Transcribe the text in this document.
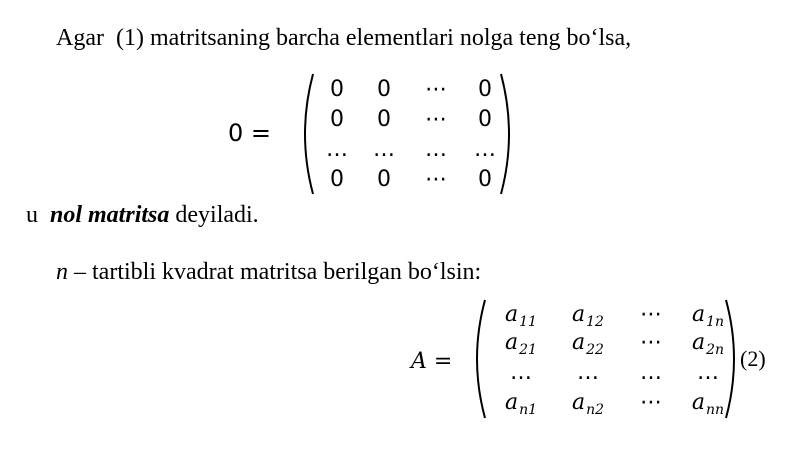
Agar  (1) matritsaning barcha elementlari nolga teng bo‘lsa,
0 =
0	0	⋯	0
0	0	⋯	0
…	…	…	…
0	0	⋯	0
u  nol matritsa deyiladi.
n – tartibli kvadrat matritsa berilgan bo‘lsin:
A =
$a_{11}$	$a_{12}$	⋯	$a_{1n}$
$a_{21}$	$a_{22}$	⋯	$a_{2n}$
…	…	…	…
$a_{n1}$	$a_{n2}$	⋯	$a_{nn}$
(2)
